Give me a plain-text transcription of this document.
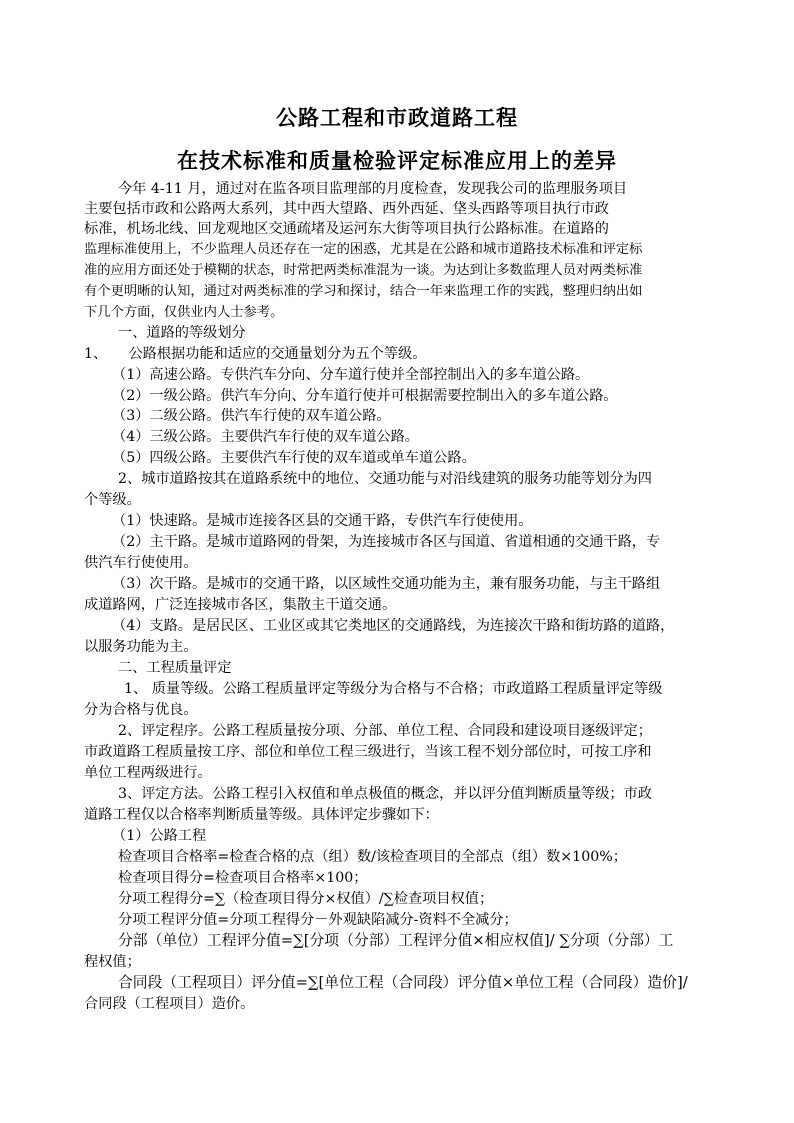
公路工程和市政道路工程
在技术标准和质量检验评定标准应用上的差异
今年 4-11 月，通过对在监各项目监理部的月度检查，发现我公司的监理服务项目
主要包括市政和公路两大系列，其中西大望路、西外西延、垡头西路等项目执行市政
标准，机场北线、回龙观地区交通疏堵及运河东大街等项目执行公路标准。在道路的
监理标准使用上，不少监理人员还存在一定的困惑，尤其是在公路和城市道路技术标准和评定标
准的应用方面还处于模糊的状态，时常把两类标准混为一谈。为达到让多数监理人员对两类标准
有个更明晰的认知，通过对两类标准的学习和探讨，结合一年来监理工作的实践，整理归纳出如
下几个方面，仅供业内人士参考。
一、道路的等级划分
1、　　公路根据功能和适应的交通量划分为五个等级。
（1）高速公路。专供汽车分向、分车道行使并全部控制出入的多车道公路。
（2）一级公路。供汽车分向、分车道行使并可根据需要控制出入的多车道公路。
（3）二级公路。供汽车行使的双车道公路。
（4）三级公路。主要供汽车行使的双车道公路。
（5）四级公路。主要供汽车行使的双车道或单车道公路。
2、城市道路按其在道路系统中的地位、交通功能与对沿线建筑的服务功能等划分为四
个等级。
（1）快速路。是城市连接各区县的交通干路，专供汽车行使使用。
（2）主干路。是城市道路网的骨架，为连接城市各区与国道、省道相通的交通干路，专
供汽车行使使用。
（3）次干路。是城市的交通干路，以区域性交通功能为主，兼有服务功能，与主干路组
成道路网，广泛连接城市各区，集散主干道交通。
（4）支路。是居民区、工业区或其它类地区的交通路线，为连接次干路和街坊路的道路，
以服务功能为主。
二、工程质量评定
1、 质量等级。公路工程质量评定等级分为合格与不合格；市政道路工程质量评定等级
分为合格与优良。
2、评定程序。公路工程质量按分项、分部、单位工程、合同段和建设项目逐级评定；
市政道路工程质量按工序、部位和单位工程三级进行，当该工程不划分部位时，可按工序和
单位工程两级进行。
3、评定方法。公路工程引入权值和单点极值的概念，并以评分值判断质量等级；市政
道路工程仅以合格率判断质量等级。具体评定步骤如下：
（1）公路工程
检查项目合格率=检查合格的点（组）数/该检查项目的全部点（组）数×100%；
检查项目得分=检查项目合格率×100；
分项工程得分=∑（检查项目得分×权值）/∑检查项目权值；
分项工程评分值=分项工程得分－外观缺陷减分-资料不全减分；
分部（单位）工程评分值=∑[分项（分部）工程评分值×相应权值]/ ∑分项（分部）工
程权值；
合同段（工程项目）评分值=∑[单位工程（合同段）评分值×单位工程（合同段）造价]/
合同段（工程项目）造价。
